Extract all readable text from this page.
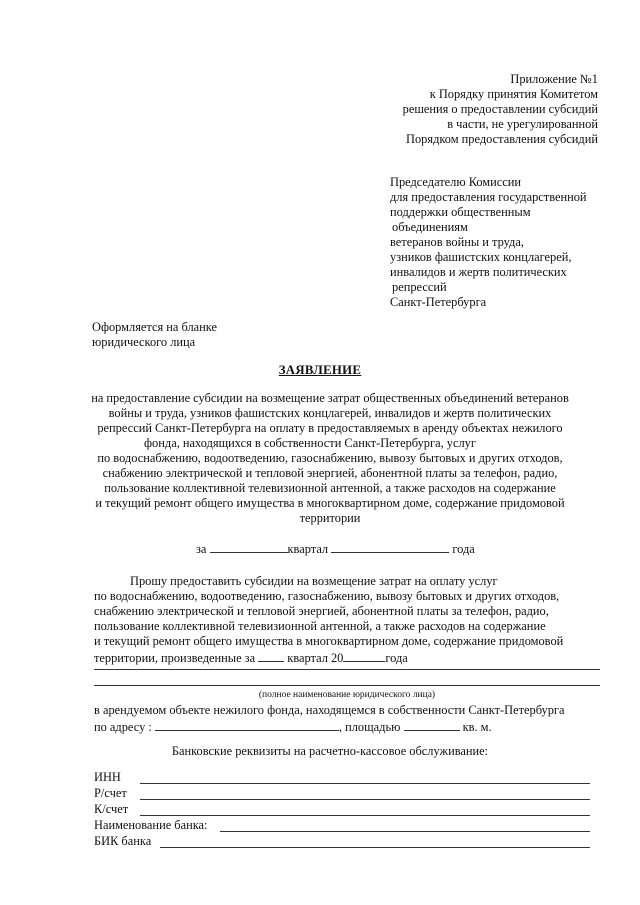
Приложение №1
к Порядку принятия Комитетом
решения о предоставлении субсидий
в части, не урегулированной
Порядком предоставления субсидий
Председателю Комиссии
для предоставления государственной
поддержки общественным
объединениям
ветеранов войны и труда,
узников фашистских концлагерей,
инвалидов и жертв политических
репрессий
Санкт-Петербурга
Оформляется на бланке
юридического лица
ЗАЯВЛЕНИЕ
на предоставление субсидии на возмещение затрат общественных объединений ветеранов
войны и труда, узников фашистских концлагерей, инвалидов и жертв политических
репрессий Санкт-Петербурга на оплату в предоставляемых в аренду объектах нежилого
фонда, находящихся в собственности Санкт-Петербурга, услуг
по водоснабжению, водоотведению, газоснабжению, вывозу бытовых и других отходов,
снабжению электрической и тепловой энергией, абонентной платы за телефон, радио,
пользование коллективной телевизионной антенной, а также расходов на содержание
и текущий ремонт общего имущества в многоквартирном доме, содержание придомовой
территории
за	квартал	года
Прошу предоставить субсидии на возмещение затрат на оплату услуг
по водоснабжению, водоотведению, газоснабжению, вывозу бытовых и других отходов,
снабжению электрической и тепловой энергией, абонентной платы за телефон, радио,
пользование коллективной телевизионной антенной, а также расходов на содержание
и текущий ремонт общего имущества в многоквартирном доме, содержание придомовой
территории, произведенные за	квартал 20	года
(полное наименование юридического лица)
в арендуемом объекте нежилого фонда, находящемся в собственности Санкт-Петербурга
по адресу :	, площадью	кв. м.
Банковские реквизиты на расчетно-кассовое обслуживание:
ИНН
Р/счет
К/счет
Наименование банка:
БИК банка
